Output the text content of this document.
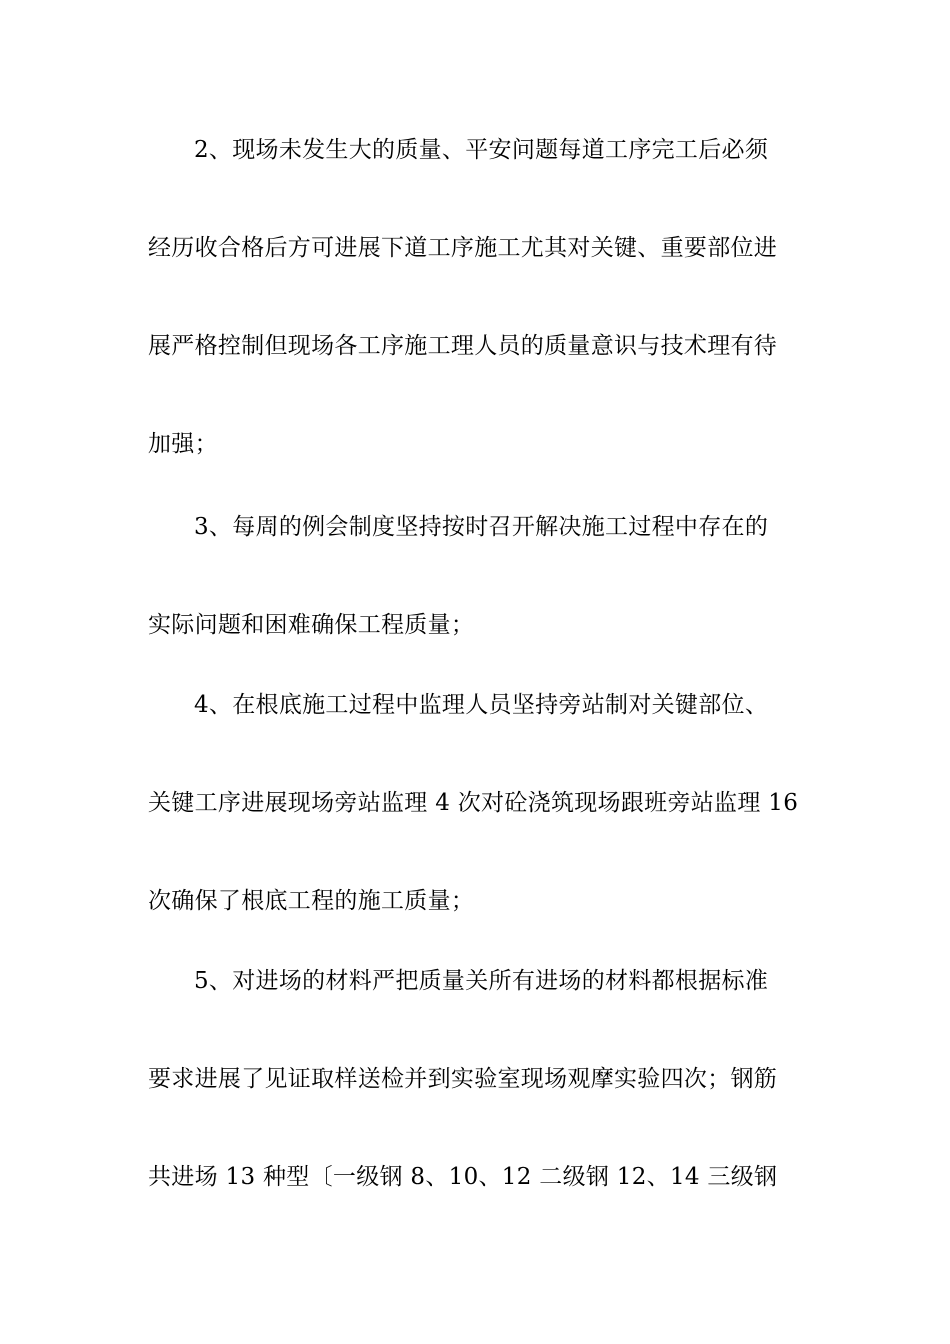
2、现场未发生大的质量、平安问题每道工序完工后必须
经历收合格后方可进展下道工序施工尤其对关键、重要部位进
展严格控制但现场各工序施工理人员的质量意识与技术理有待
加强；
3、每周的例会制度坚持按时召开解决施工过程中存在的
实际问题和困难确保工程质量；
4、在根底施工过程中监理人员坚持旁站制对关键部位、
关键工序进展现场旁站监理 4 次对砼浇筑现场跟班旁站监理 16
次确保了根底工程的施工质量；
5、对进场的材料严把质量关所有进场的材料都根据标准
要求进展了见证取样送检并到实验室现场观摩实验四次；钢筋
共进场 13 种型〔一级钢 8、10、12 二级钢 12、14 三级钢
